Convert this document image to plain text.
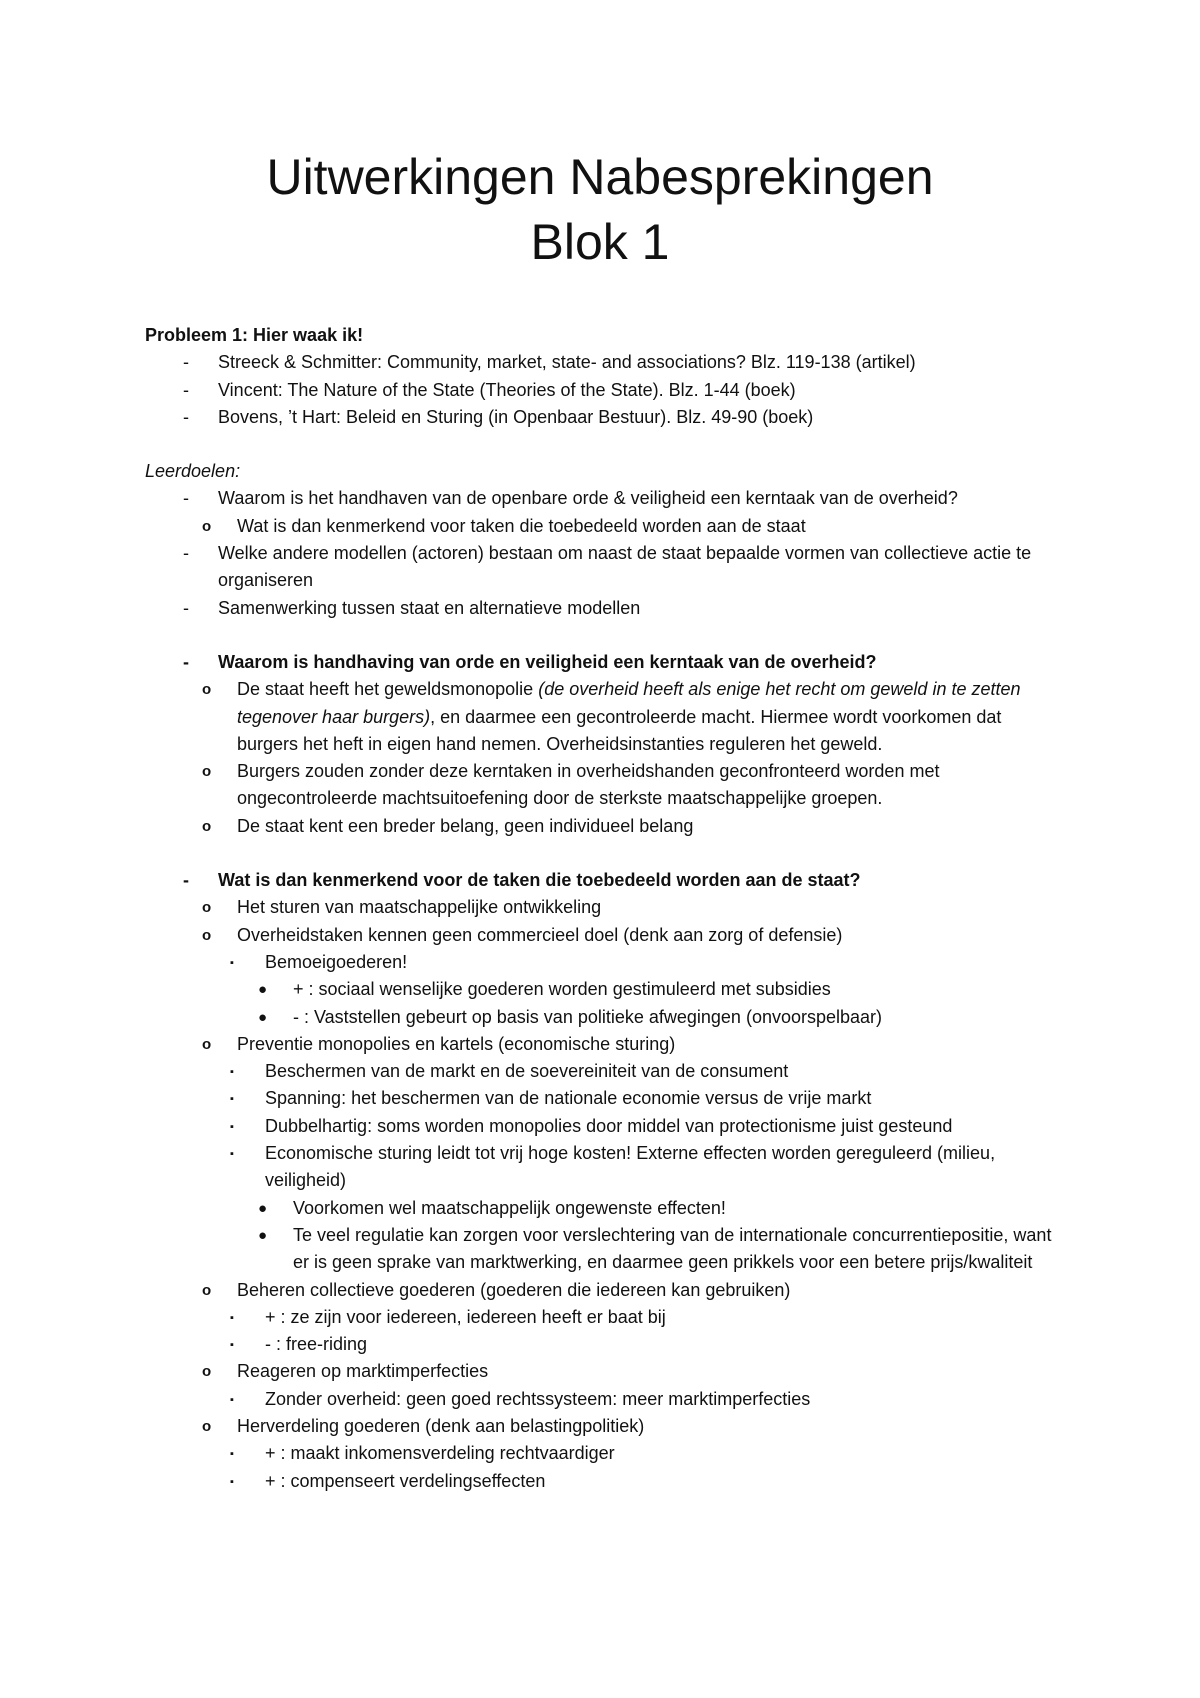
Uitwerkingen Nabesprekingen
Blok 1
Probleem 1: Hier waak ik!
- Streeck & Schmitter: Community, market, state- and associations? Blz. 119-138 (artikel)
- Vincent: The Nature of the State (Theories of the State). Blz. 1-44 (boek)
- Bovens, ’t Hart: Beleid en Sturing (in Openbaar Bestuur). Blz. 49-90 (boek)
Leerdoelen:
- Waarom is het handhaven van de openbare orde & veiligheid een kerntaak van de overheid?
o Wat is dan kenmerkend voor taken die toebedeeld worden aan de staat
- Welke andere modellen (actoren) bestaan om naast de staat bepaalde vormen van collectieve actie te organiseren
- Samenwerking tussen staat en alternatieve modellen
- Waarom is handhaving van orde en veiligheid een kerntaak van de overheid?
o De staat heeft het geweldsmonopolie (de overheid heeft als enige het recht om geweld in te zetten tegenover haar burgers), en daarmee een gecontroleerde macht. Hiermee wordt voorkomen dat burgers het heft in eigen hand nemen. Overheidsinstanties reguleren het geweld.
o Burgers zouden zonder deze kerntaken in overheidshanden geconfronteerd worden met ongecontroleerde machtsuitoefening door de sterkste maatschappelijke groepen.
o De staat kent een breder belang, geen individueel belang
- Wat is dan kenmerkend voor de taken die toebedeeld worden aan de staat?
o Het sturen van maatschappelijke ontwikkeling
o Overheidstaken kennen geen commercieel doel (denk aan zorg of defensie)
▪ Bemoeigoederen!
● + : sociaal wenselijke goederen worden gestimuleerd met subsidies
● - : Vaststellen gebeurt op basis van politieke afwegingen (onvoorspelbaar)
o Preventie monopolies en kartels (economische sturing)
▪ Beschermen van de markt en de soevereiniteit van de consument
▪ Spanning: het beschermen van de nationale economie versus de vrije markt
▪ Dubbelhartig: soms worden monopolies door middel van protectionisme juist gesteund
▪ Economische sturing leidt tot vrij hoge kosten! Externe effecten worden gereguleerd (milieu, veiligheid)
● Voorkomen wel maatschappelijk ongewenste effecten!
● Te veel regulatie kan zorgen voor verslechtering van de internationale concurrentiepositie, want er is geen sprake van marktwerking, en daarmee geen prikkels voor een betere prijs/kwaliteit
o Beheren collectieve goederen (goederen die iedereen kan gebruiken)
▪ + : ze zijn voor iedereen, iedereen heeft er baat bij
▪ - : free-riding
o Reageren op marktimperfecties
▪ Zonder overheid: geen goed rechtssysteem: meer marktimperfecties
o Herverdeling goederen (denk aan belastingpolitiek)
▪ + : maakt inkomensverdeling rechtvaardiger
▪ + : compenseert verdelingseffecten
